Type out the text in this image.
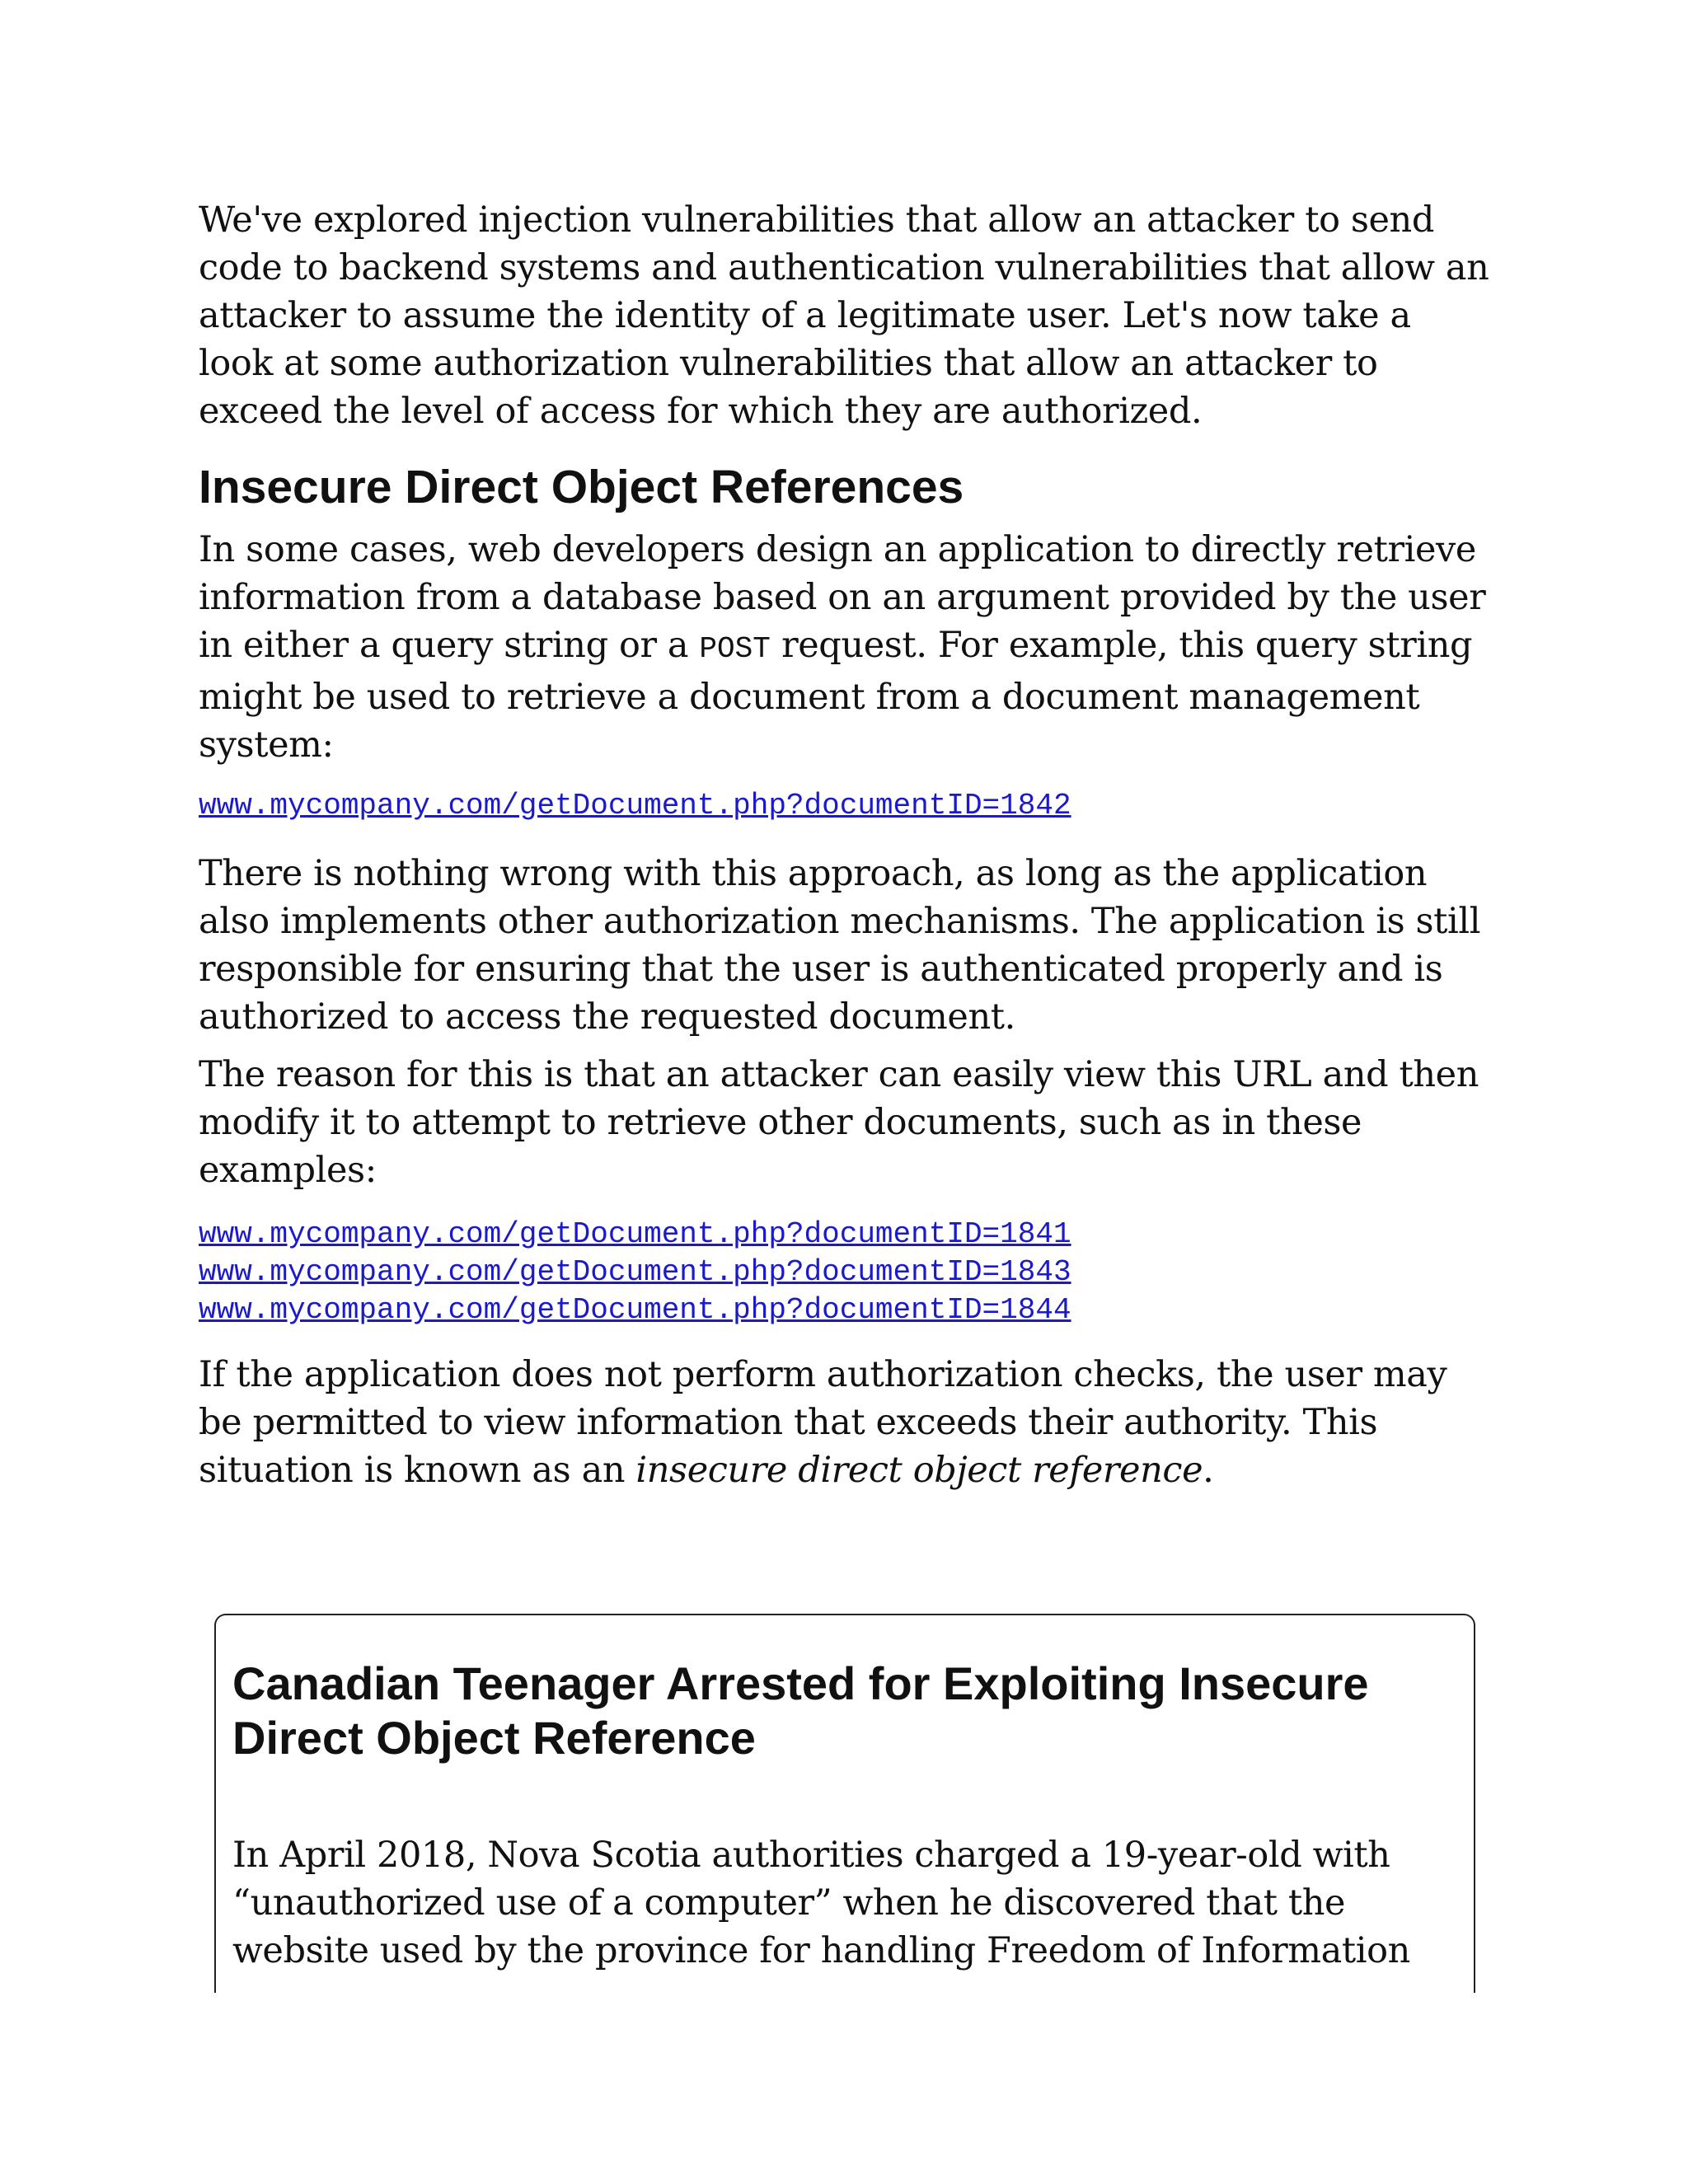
We've explored injection vulnerabilities that allow an attacker to send code to backend systems and authentication vulnerabilities that allow an attacker to assume the identity of a legitimate user. Let's now take a look at some authorization vulnerabilities that allow an attacker to exceed the level of access for which they are authorized.

Insecure Direct Object References

In some cases, web developers design an application to directly retrieve information from a database based on an argument provided by the user in either a query string or a POST request. For example, this query string might be used to retrieve a document from a document management system:

www.mycompany.com/getDocument.php?documentID=1842

There is nothing wrong with this approach, as long as the application also implements other authorization mechanisms. The application is still responsible for ensuring that the user is authenticated properly and is authorized to access the requested document.

The reason for this is that an attacker can easily view this URL and then modify it to attempt to retrieve other documents, such as in these examples:

www.mycompany.com/getDocument.php?documentID=1841
www.mycompany.com/getDocument.php?documentID=1843
www.mycompany.com/getDocument.php?documentID=1844

If the application does not perform authorization checks, the user may be permitted to view information that exceeds their authority. This situation is known as an insecure direct object reference.

Canadian Teenager Arrested for Exploiting Insecure Direct Object Reference

In April 2018, Nova Scotia authorities charged a 19-year-old with “unauthorized use of a computer” when he discovered that the website used by the province for handling Freedom of Information
